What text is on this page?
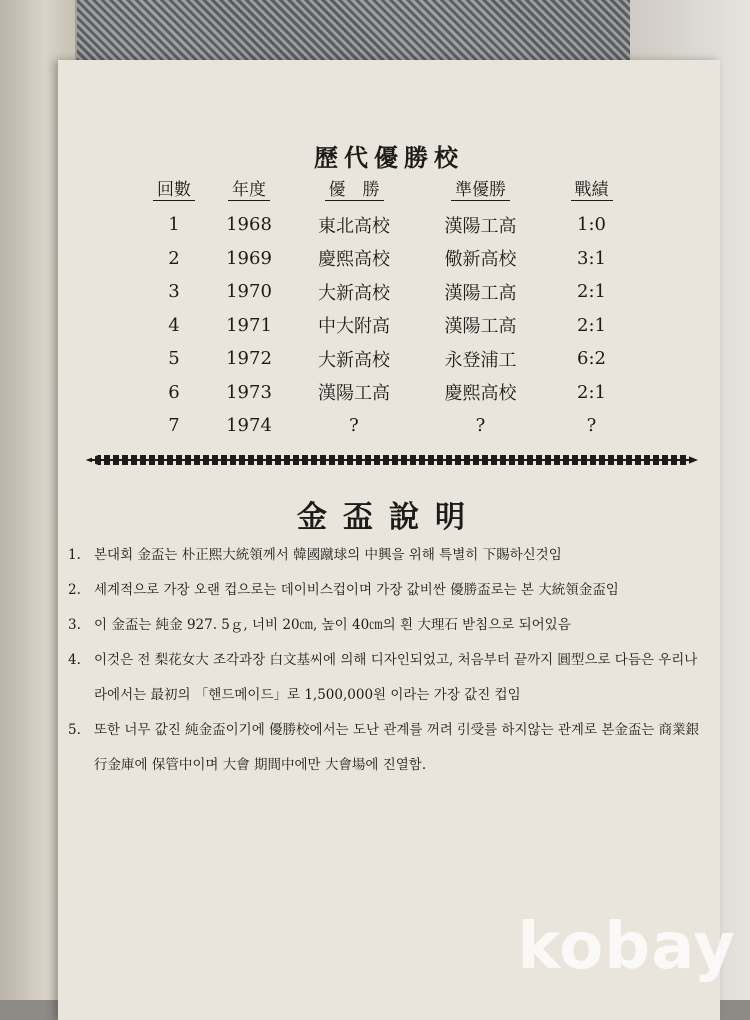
歷代優勝校
回數	年度	優　勝	準優勝	戰績
1	1968	東北高校	漢陽工高	1:0
2	1969	慶熙高校	儆新高校	3:1
3	1970	大新高校	漢陽工高	2:1
4	1971	中大附高	漢陽工高	2:1
5	1972	大新高校	永登浦工	6:2
6	1973	漢陽工高	慶熙高校	2:1
7	1974	?	?	?
金盃說明
1. 본대회 金盃는 朴正熙大統領께서 韓國蹴球의 中興을 위해 특별히 下賜하신것임
2. 세계적으로 가장 오랜 컵으로는 데이비스컵이며 가장 값비싼 優勝盃로는 본 大統領金盃임
3. 이 金盃는 純金 927. 5ｇ, 너비 20㎝, 높이 40㎝의 흰 大理石 받침으로 되어있음
4. 이것은 전 梨花女大 조각과장 白文基씨에 의해 디자인되었고, 처음부터 끝까지 圓型으로 다듬은 우리나라에서는 最初의 「핸드메이드」로 1,500,000원 이라는 가장 값진 컵임
5. 또한 너무 값진 純金盃이기에 優勝校에서는 도난 관계를 꺼려 引受를 하지않는 관계로 본金盃는 商業銀行金庫에 保管中이며 大會 期間中에만 大會場에 진열함.
kobay
